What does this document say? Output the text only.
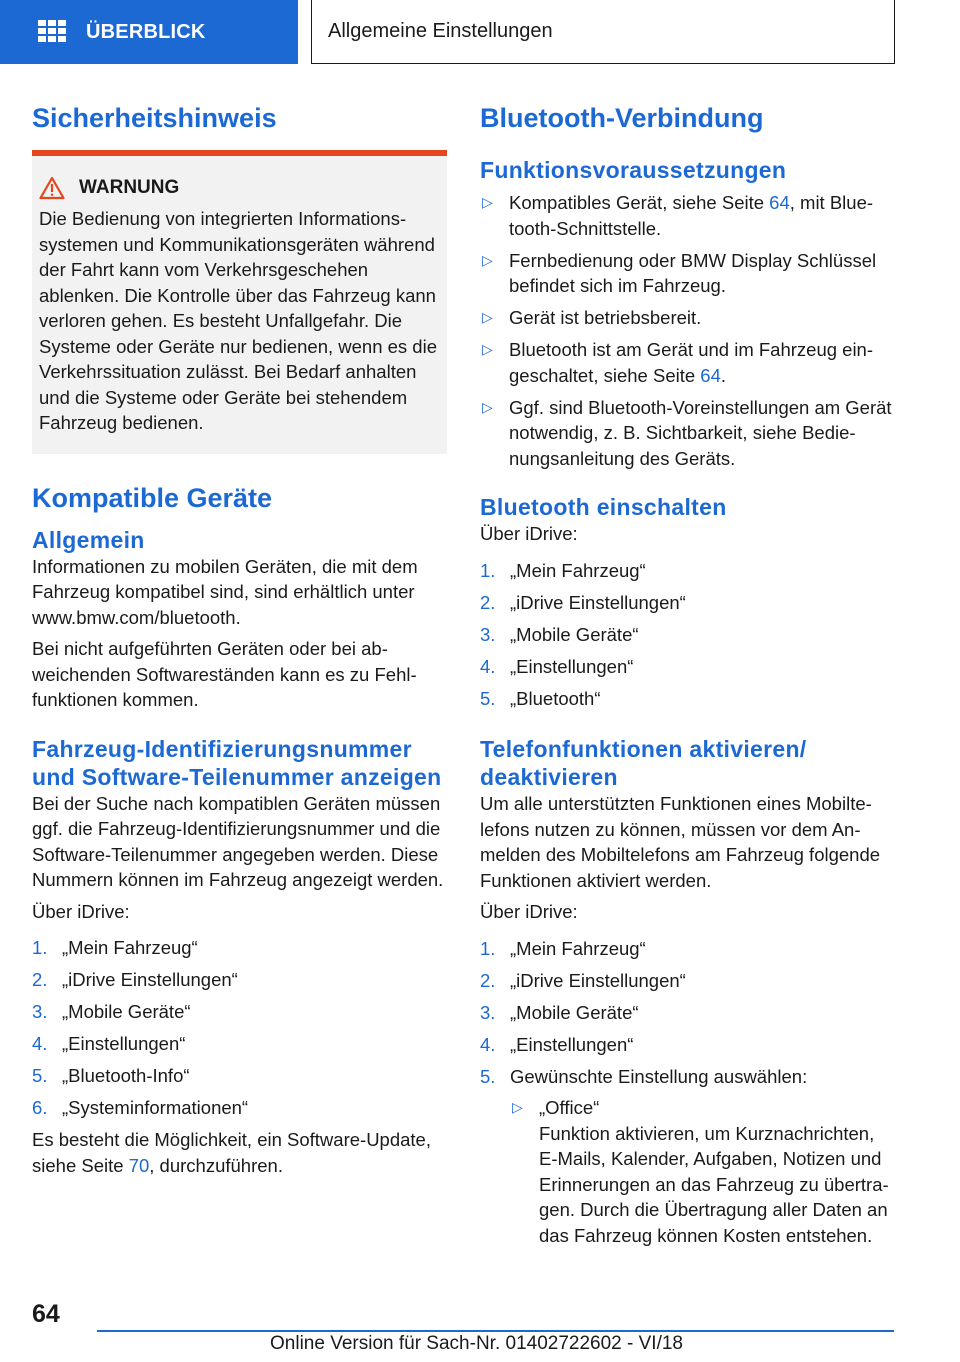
ÜBERBLICK	Allgemeine Einstellungen
Sicherheitshinweis
WARNUNG

Die Bedienung von integrierten Informationssystemen und Kommunikationsgeräten während der Fahrt kann vom Verkehrsgeschehen ablenken. Die Kontrolle über das Fahrzeug kann verloren gehen. Es besteht Unfallgefahr. Die Systeme oder Geräte nur bedienen, wenn es die Verkehrssituation zulässt. Bei Bedarf anhalten und die Systeme oder Geräte bei stehendem Fahrzeug bedienen.

Kompatible Geräte
Allgemein

Informationen zu mobilen Geräten, die mit dem Fahrzeug kompatibel sind, sind erhältlich unter www.bmw.com/bluetooth.

Bei nicht aufgeführten Geräten oder bei abweichenden Softwareständen kann es zu Fehlfunktionen kommen.

Fahrzeug-Identifizierungsnummer und Software-Teilenummer anzeigen

Bei der Suche nach kompatiblen Geräten müssen ggf. die Fahrzeug-Identifizierungsnummer und die Software-Teilenummer angegeben werden. Diese Nummern können im Fahrzeug angezeigt werden.

Über iDrive:

1. „Mein Fahrzeug“
2. „iDrive Einstellungen“
3. „Mobile Geräte“
4. „Einstellungen“
5. „Bluetooth-Info“
6. „Systeminformationen“

Es besteht die Möglichkeit, ein Software-Update, siehe Seite 70, durchzuführen.

Bluetooth-Verbindung
Funktionsvoraussetzungen
▷ Kompatibles Gerät, siehe Seite 64, mit Bluetooth-Schnittstelle.
▷ Fernbedienung oder BMW Display Schlüssel befindet sich im Fahrzeug.
▷ Gerät ist betriebsbereit.
▷ Bluetooth ist am Gerät und im Fahrzeug eingeschaltet, siehe Seite 64.
▷ Ggf. sind Bluetooth-Voreinstellungen am Gerät notwendig, z. B. Sichtbarkeit, siehe Bedienungsanleitung des Geräts.
Bluetooth einschalten

Über iDrive:

1. „Mein Fahrzeug“
2. „iDrive Einstellungen“
3. „Mobile Geräte“
4. „Einstellungen“
5. „Bluetooth“
Telefonfunktionen aktivieren/ deaktivieren

Um alle unterstützten Funktionen eines Mobiltelefons nutzen zu können, müssen vor dem Anmelden des Mobiltelefons am Fahrzeug folgende Funktionen aktiviert werden.

Über iDrive:

1. „Mein Fahrzeug“
2. „iDrive Einstellungen“
3. „Mobile Geräte“
4. „Einstellungen“
5. Gewünschte Einstellung auswählen:
▷ „Office“
Funktion aktivieren, um Kurznachrichten, E-Mails, Kalender, Aufgaben, Notizen und Erinnerungen an das Fahrzeug zu übertragen. Durch die Übertragung aller Daten an das Fahrzeug können Kosten entstehen.
64
Online Version für Sach-Nr. 01402722602 - VI/18
